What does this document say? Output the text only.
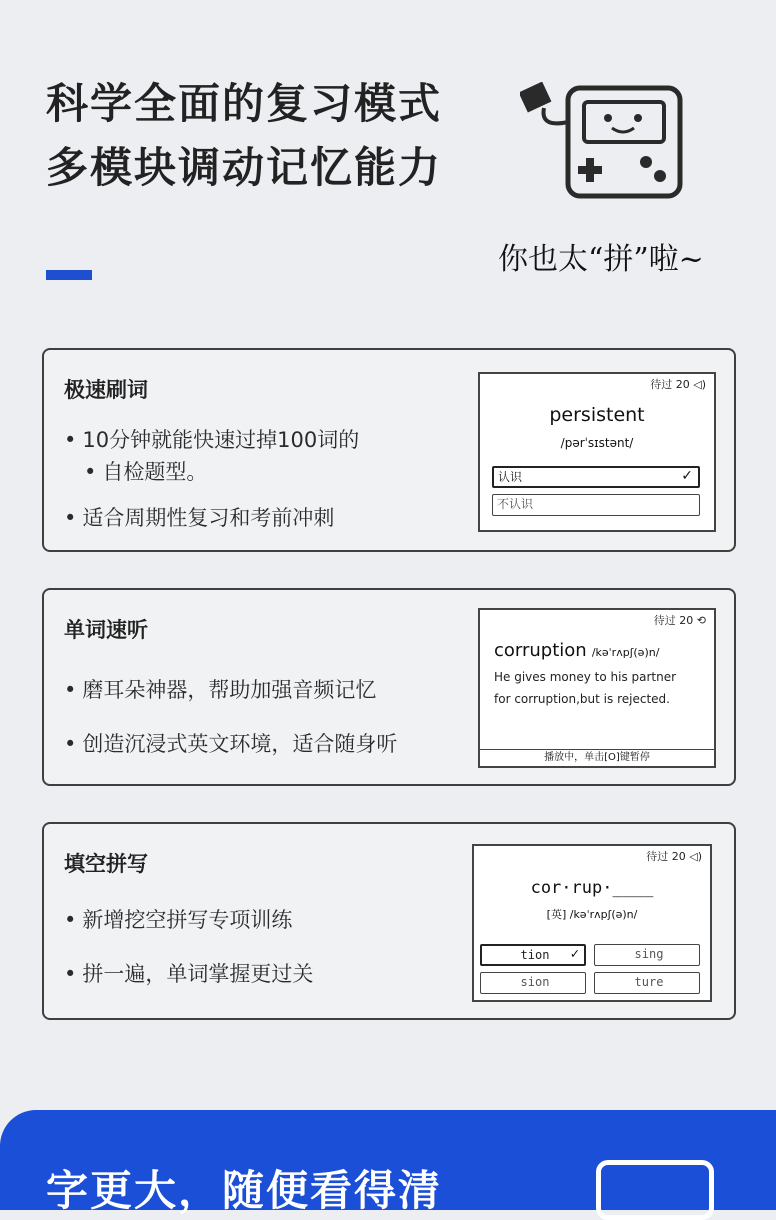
科学全面的复习模式
多模块调动记忆能力
你也太“拼”啦~
极速刷词
• 10分钟就能快速过掉100词的
• 自检题型。
• 适合周期性复习和考前冲刺
待过 20 ◁)
persistent
/pərˈsɪstənt/
认识	✓
不认识
单词速听
• 磨耳朵神器，帮助加强音频记忆
• 创造沉浸式英文环境，适合随身听
待过 20 ⟲
corruption /kəˈrʌpʃ(ə)n/
He gives money to his partner
for corruption,but is rejected.
播放中，单击[O]键暂停
填空拼写
• 新增挖空拼写专项训练
• 拼一遍，单词掌握更过关
待过 20 ◁)
cor·rup·____
[英] /kəˈrʌpʃ(ə)n/
tion ✓	sing
sion	ture
字更大，随便看得清
